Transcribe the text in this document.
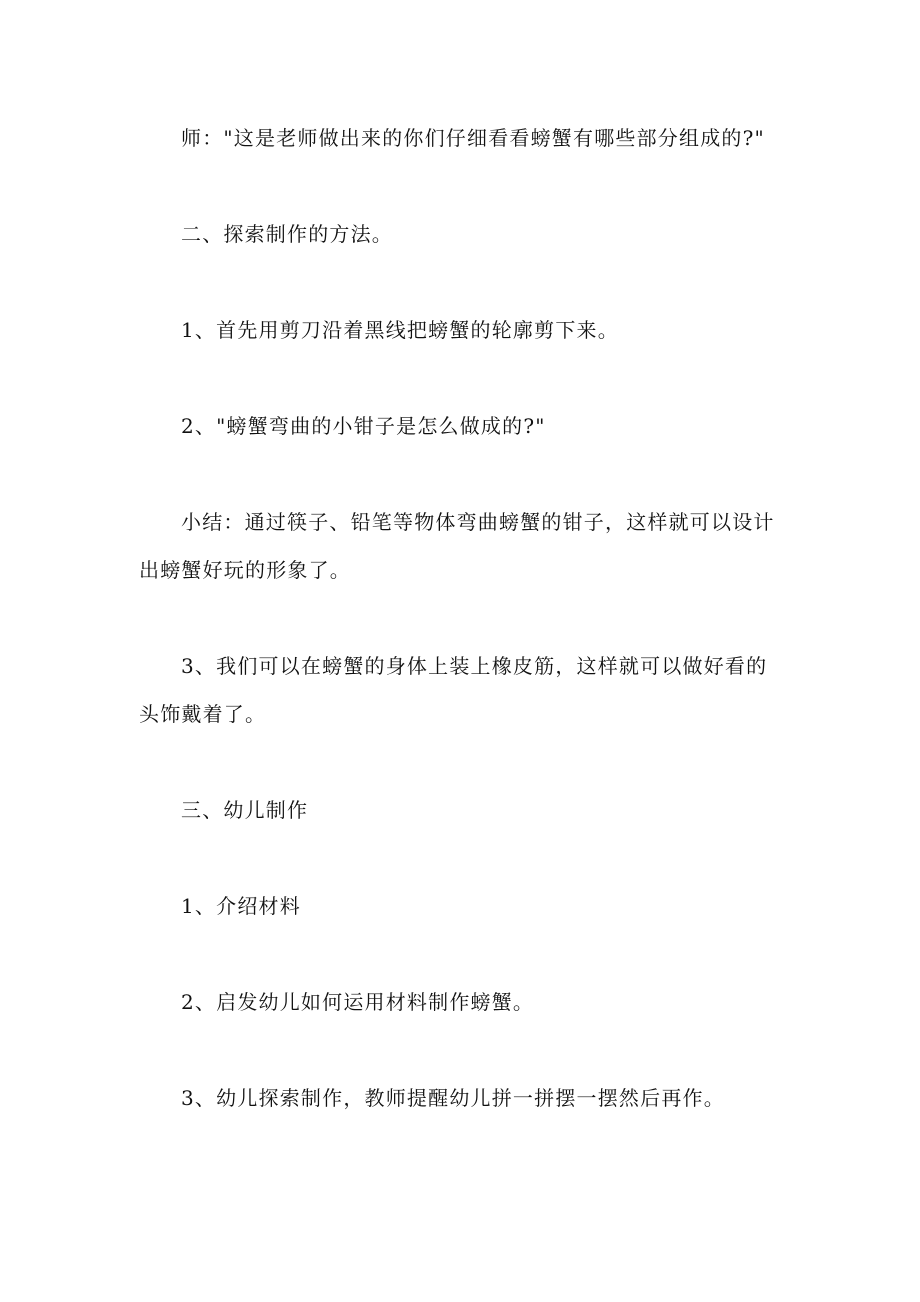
师："这是老师做出来的你们仔细看看螃蟹有哪些部分组成的?"

二、探索制作的方法。

1、首先用剪刀沿着黑线把螃蟹的轮廓剪下来。

2、"螃蟹弯曲的小钳子是怎么做成的?"

小结：通过筷子、铅笔等物体弯曲螃蟹的钳子，这样就可以设计出螃蟹好玩的形象了。

3、我们可以在螃蟹的身体上装上橡皮筋，这样就可以做好看的头饰戴着了。

三、幼儿制作

1、介绍材料

2、启发幼儿如何运用材料制作螃蟹。

3、幼儿探索制作，教师提醒幼儿拼一拼摆一摆然后再作。
